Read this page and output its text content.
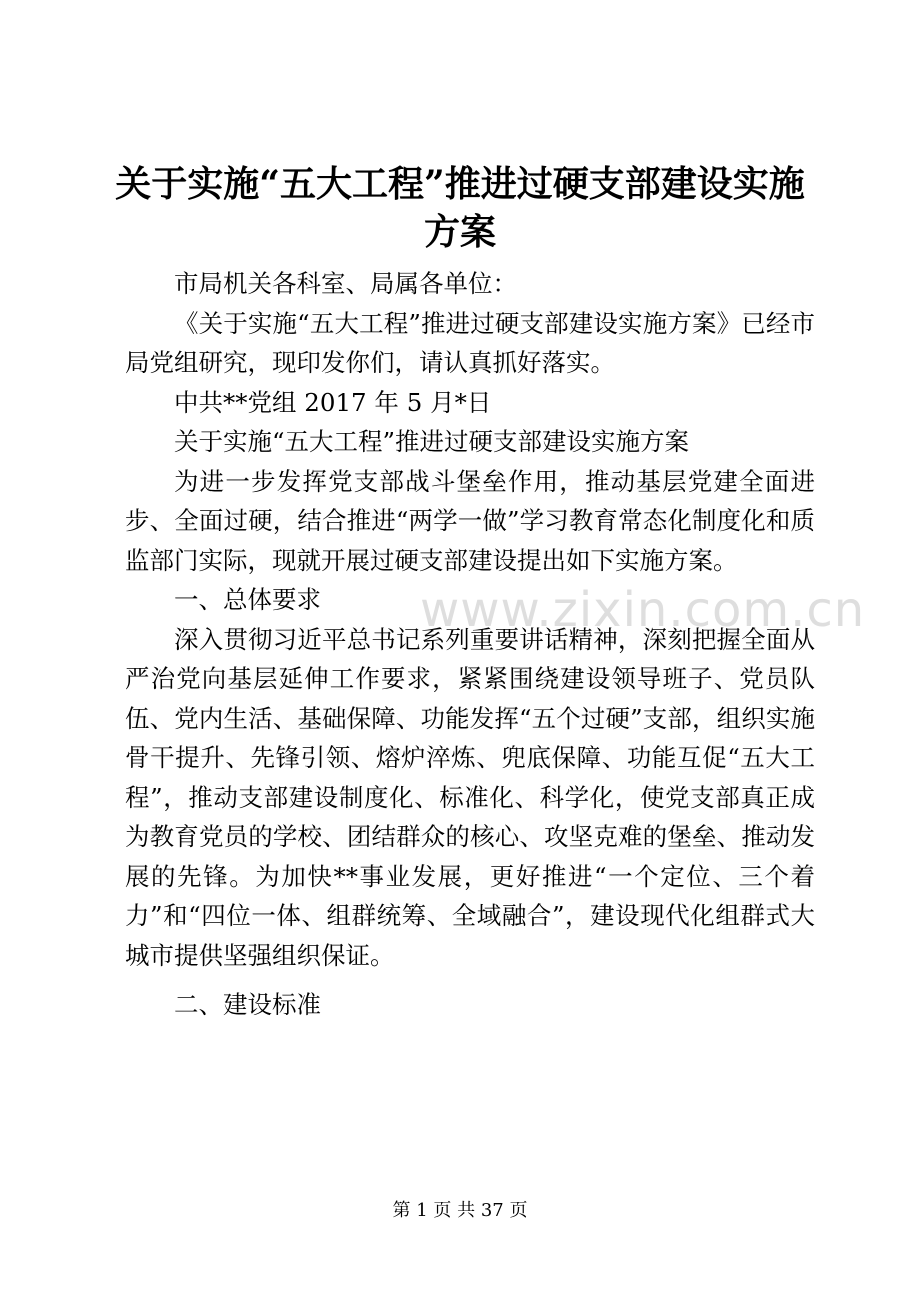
关于实施“五大工程”推进过硬支部建设实施方案

市局机关各科室、局属各单位：

《关于实施“五大工程”推进过硬支部建设实施方案》已经市局党组研究，现印发你们，请认真抓好落实。

中共**党组 2017 年 5 月*日

关于实施“五大工程”推进过硬支部建设实施方案

为进一步发挥党支部战斗堡垒作用，推动基层党建全面进步、全面过硬，结合推进“两学一做”学习教育常态化制度化和质监部门实际，现就开展过硬支部建设提出如下实施方案。

一、总体要求

深入贯彻习近平总书记系列重要讲话精神，深刻把握全面从严治党向基层延伸工作要求，紧紧围绕建设领导班子、党员队伍、党内生活、基础保障、功能发挥“五个过硬”支部，组织实施骨干提升、先锋引领、熔炉淬炼、兜底保障、功能互促“五大工程”，推动支部建设制度化、标准化、科学化，使党支部真正成为教育党员的学校、团结群众的核心、攻坚克难的堡垒、推动发展的先锋。为加快**事业发展，更好推进“一个定位、三个着力”和“四位一体、组群统筹、全域融合”，建设现代化组群式大城市提供坚强组织保证。

二、建设标准

www.zixin.com.cn
第 1 页 共 37 页
